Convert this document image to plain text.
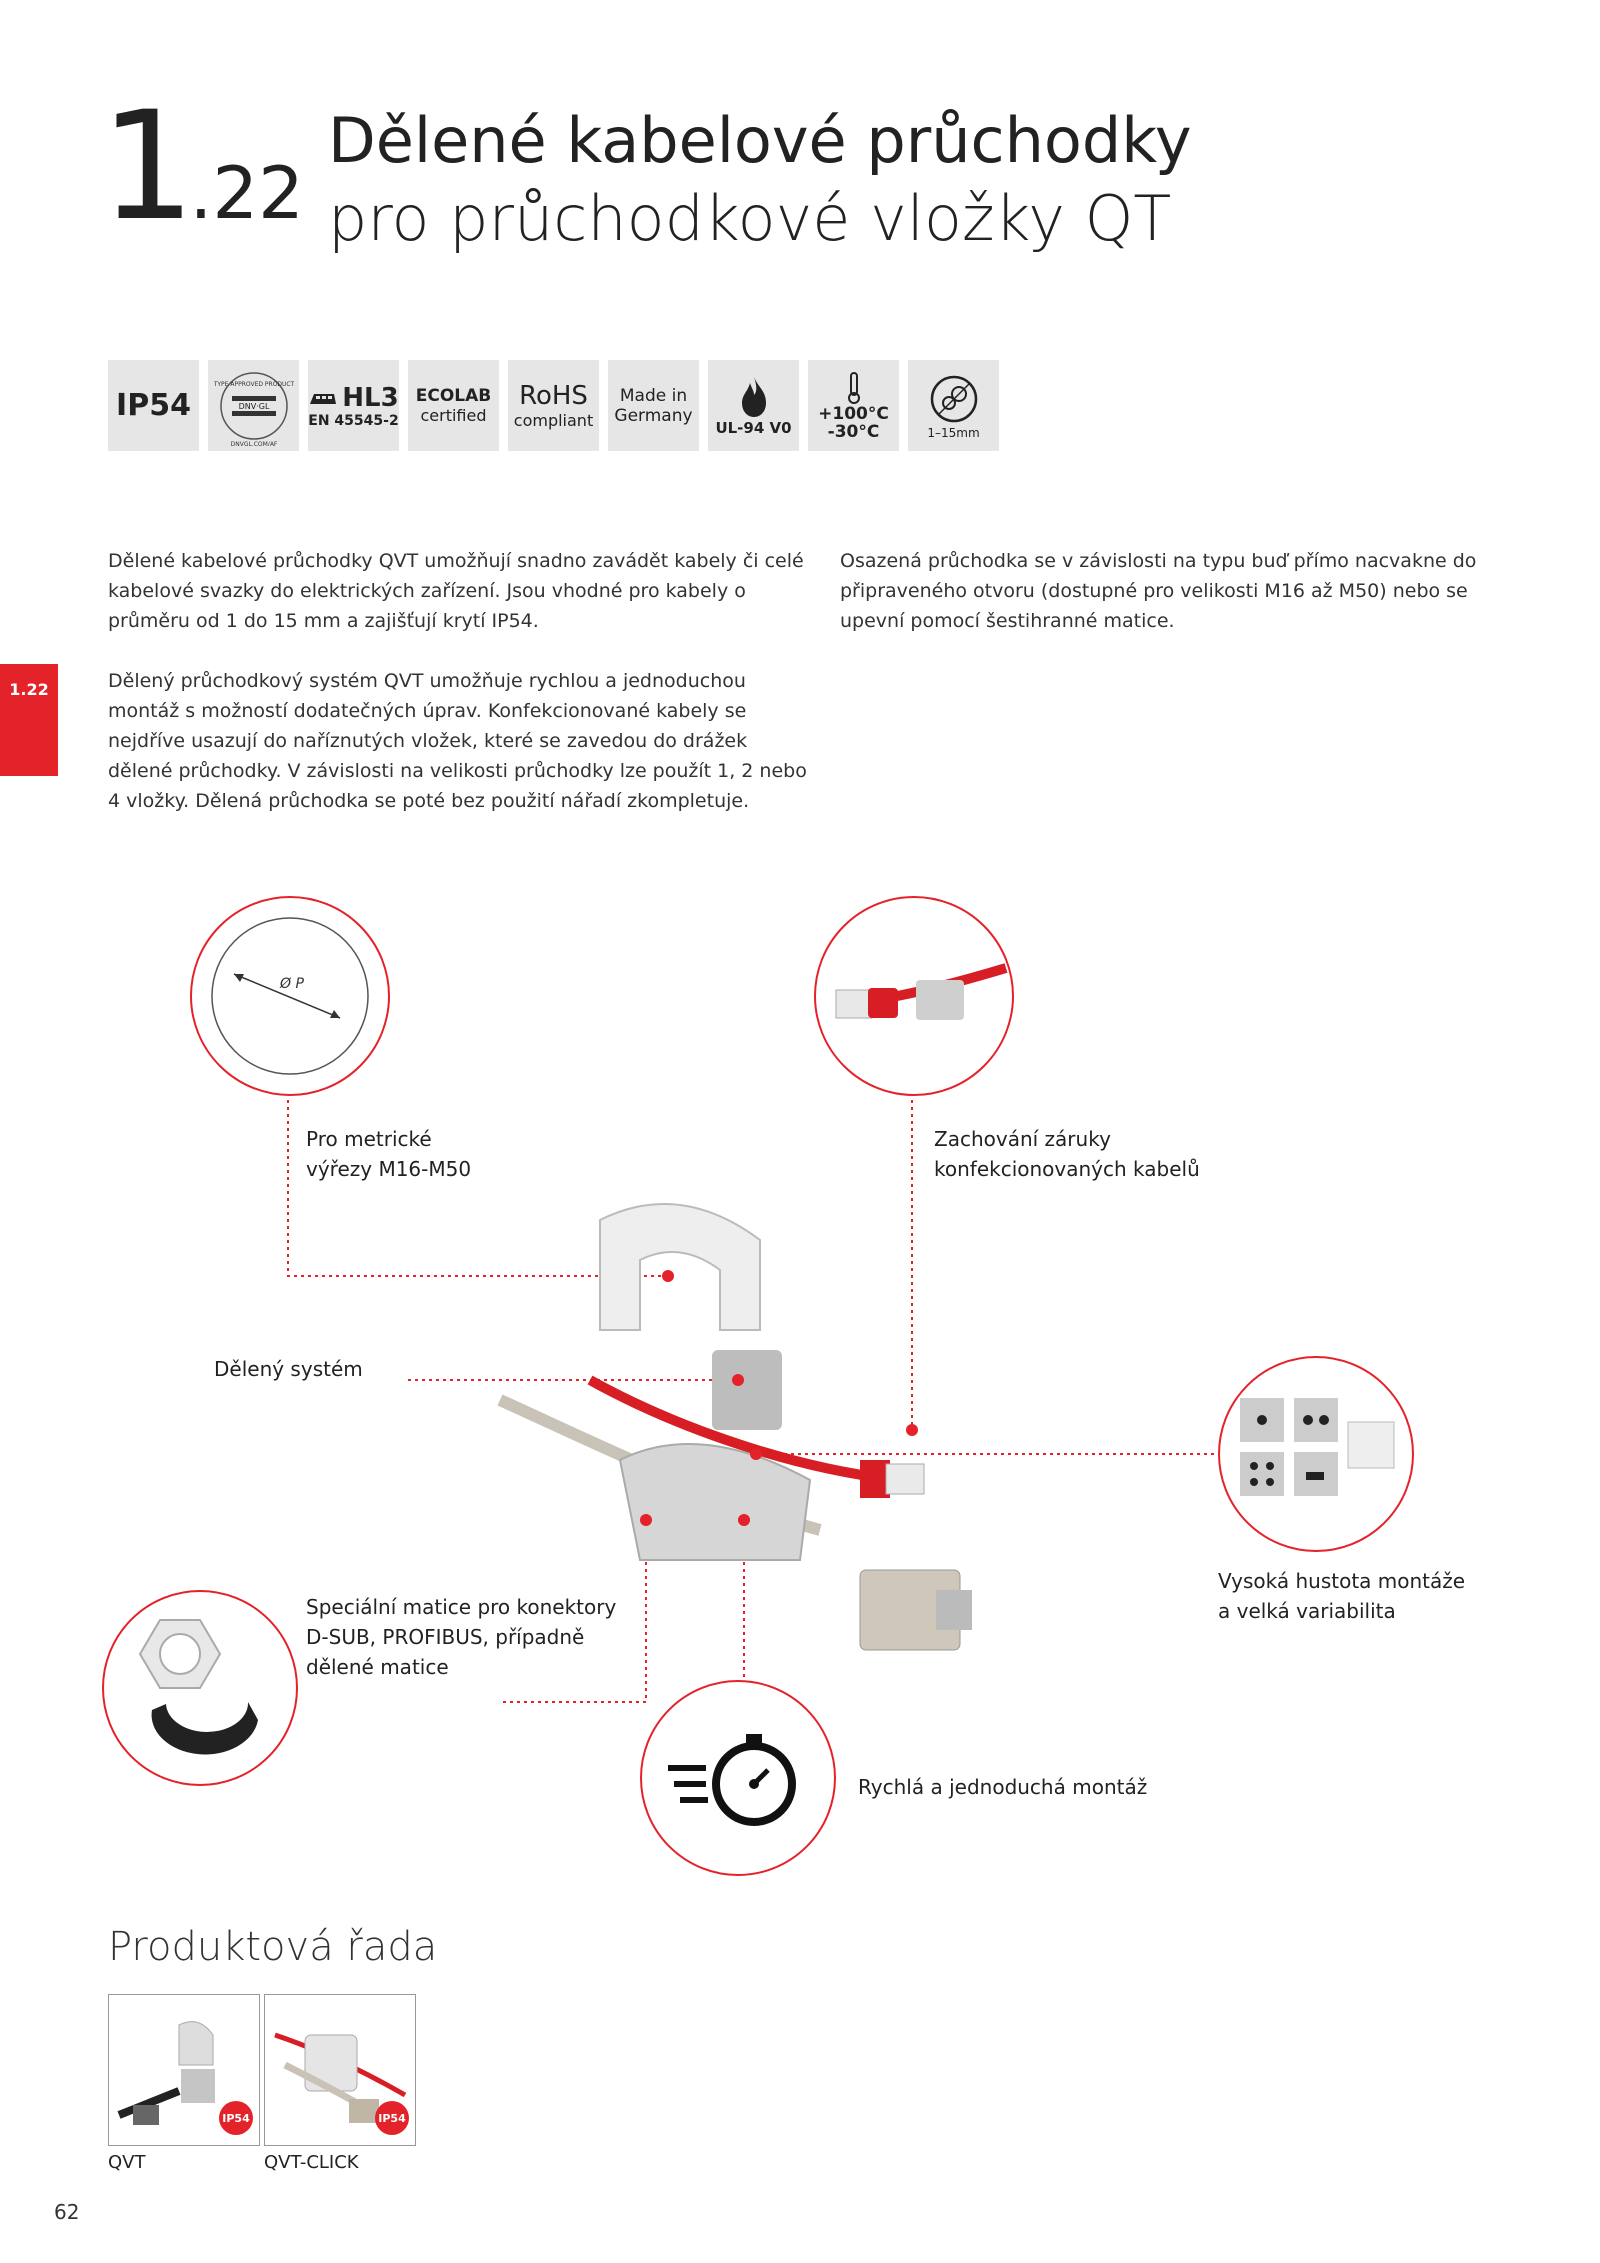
1.22
Dělené kabelové průchodky
pro průchodkové vložky QT
IP54
TYPE APPROVED PRODUCT
DNV·GL
DNVGL.COM/AF
HL3
EN 45545-2
ECOLAB
certified
RoHS
compliant
Made in
Germany
UL-94 V0
+100°C
-30°C	1–15mm
1.22
Dělené kabelové průchodky QVT umožňují snadno zavádět kabely či celé kabelové svazky do elektrických zařízení. Jsou vhodné pro kabely o průměru od 1 do 15 mm a zajišťují krytí IP54.
Dělený průchodkový systém QVT umožňuje rychlou a jednoduchou montáž s možností dodatečných úprav. Konfekcionované kabely se nejdříve usazují do naříznutých vložek, které se zavedou do drážek dělené průchodky. V závislosti na velikosti průchodky lze použít 1, 2 nebo 4 vložky. Dělená průchodka se poté bez použití nářadí zkompletuje.
Osazená průchodka se v závislosti na typu buď přímo nacvakne do připraveného otvoru (dostupné pro velikosti M16 až M50) nebo se upevní pomocí šestihranné matice.
Ø P
Pro metrické
výřezy M16-M50
Zachování záruky
konfekcionovaných kabelů
Dělený systém
Vysoká hustota montáže
a velká variabilita
Speciální matice pro konektory
D-SUB, PROFIBUS, případně
dělené matice
Rychlá a jednoduchá montáž
Produktová řada
IP54
QVT
IP54
QVT-CLICK
62
